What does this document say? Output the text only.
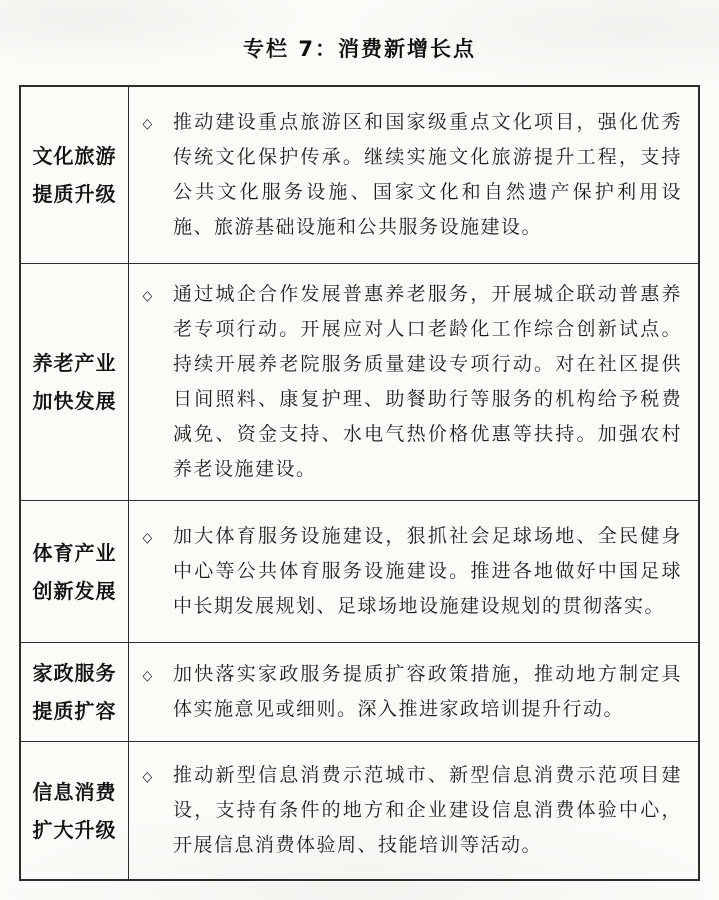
专栏 7：消费新增长点
文化旅游
提质升级

◇ 推动建设重点旅游区和国家级重点文化项目，强化优秀传统文化保护传承。继续实施文化旅游提升工程，支持公共文化服务设施、国家文化和自然遗产保护利用设施、旅游基础设施和公共服务设施建设。

养老产业
加快发展

◇ 通过城企合作发展普惠养老服务，开展城企联动普惠养老专项行动。开展应对人口老龄化工作综合创新试点。持续开展养老院服务质量建设专项行动。对在社区提供日间照料、康复护理、助餐助行等服务的机构给予税费减免、资金支持、水电气热价格优惠等扶持。加强农村养老设施建设。

体育产业
创新发展

◇ 加大体育服务设施建设，狠抓社会足球场地、全民健身中心等公共体育服务设施建设。推进各地做好中国足球中长期发展规划、足球场地设施建设规划的贯彻落实。

家政服务
提质扩容

◇ 加快落实家政服务提质扩容政策措施，推动地方制定具体实施意见或细则。深入推进家政培训提升行动。

信息消费
扩大升级

◇ 推动新型信息消费示范城市、新型信息消费示范项目建设，支持有条件的地方和企业建设信息消费体验中心，开展信息消费体验周、技能培训等活动。
